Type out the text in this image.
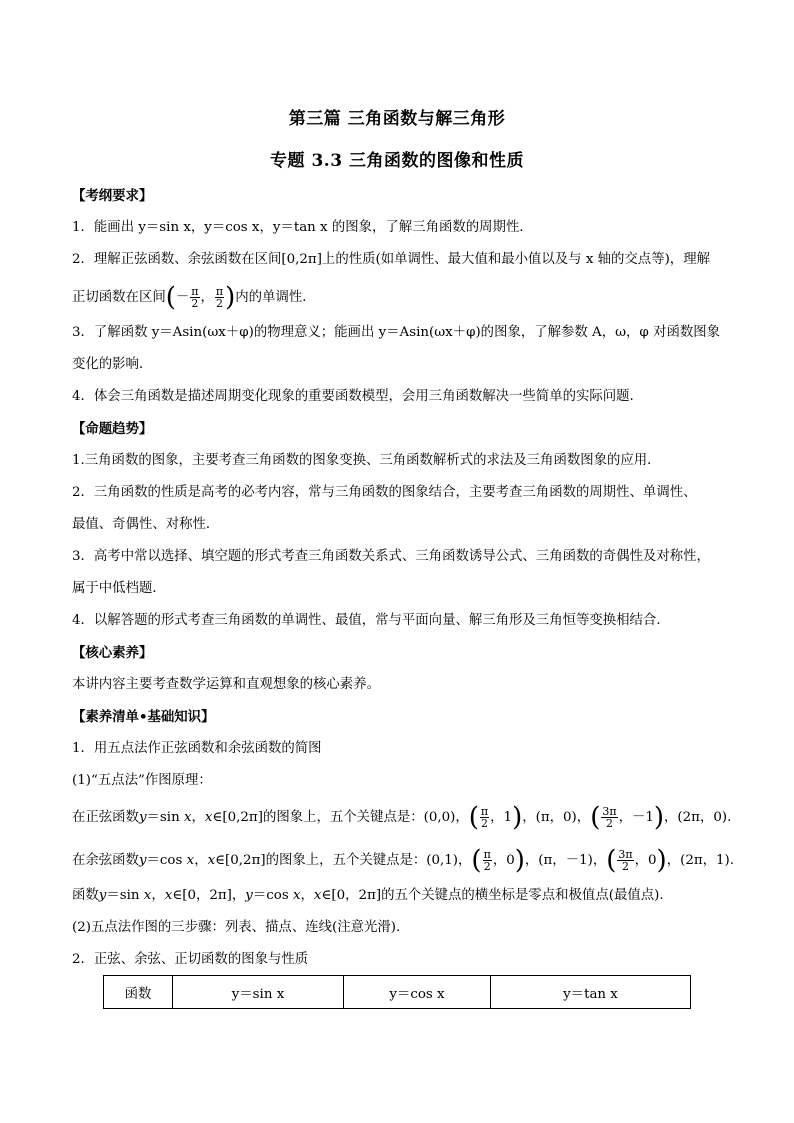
第三篇 三角函数与解三角形
专题 3.3 三角函数的图像和性质
【考纲要求】
1．能画出 y＝sin x，y＝cos x，y＝tan x 的图象，了解三角函数的周期性．
2．理解正弦函数、余弦函数在区间[0,2π]上的性质(如单调性、最大值和最小值以及与 x 轴的交点等)，理解
正切函数在区间(－ $\frac{\pi}{2}$ ， $\frac{\pi}{2}$ )内的单调性．
3．了解函数 y＝Asin(ωx＋φ)的物理意义；能画出 y＝Asin(ωx＋φ)的图象，了解参数 A，ω，φ 对函数图象
变化的影响．
4．体会三角函数是描述周期变化现象的重要函数模型，会用三角函数解决一些简单的实际问题.
【命题趋势】
1.三角函数的图象，主要考查三角函数的图象变换、三角函数解析式的求法及三角函数图象的应用．
2．三角函数的性质是高考的必考内容，常与三角函数的图象结合，主要考查三角函数的周期性、单调性、
最值、奇偶性、对称性．
3．高考中常以选择、填空题的形式考查三角函数关系式、三角函数诱导公式、三角函数的奇偶性及对称性，
属于中低档题．
4．以解答题的形式考查三角函数的单调性、最值，常与平面向量、解三角形及三角恒等变换相结合.
【核心素养】
本讲内容主要考查数学运算和直观想象的核心素养。
【素养清单•基础知识】
1．用五点法作正弦函数和余弦函数的简图
(1)“五点法”作图原理：
在正弦函数y＝sin x，x∈[0,2π]的图象上，五个关键点是：(0,0)，( $\frac{\pi}{2}$ ，1)，(π，0)，( $\frac{3\pi}{2}$ ，－1)，(2π，0).
在余弦函数y＝cos x，x∈[0,2π]的图象上，五个关键点是：(0,1)，( $\frac{\pi}{2}$ ，0)，(π，－1)，( $\frac{3\pi}{2}$ ，0)，(2π，1).
函数y＝sin x，x∈[0，2π]，y＝cos x，x∈[0，2π]的五个关键点的横坐标是零点和极值点(最值点).
(2)五点法作图的三步骤：列表、描点、连线(注意光滑)．
2．正弦、余弦、正切函数的图象与性质
函数	y＝sin x	y＝cos x	y＝tan x
